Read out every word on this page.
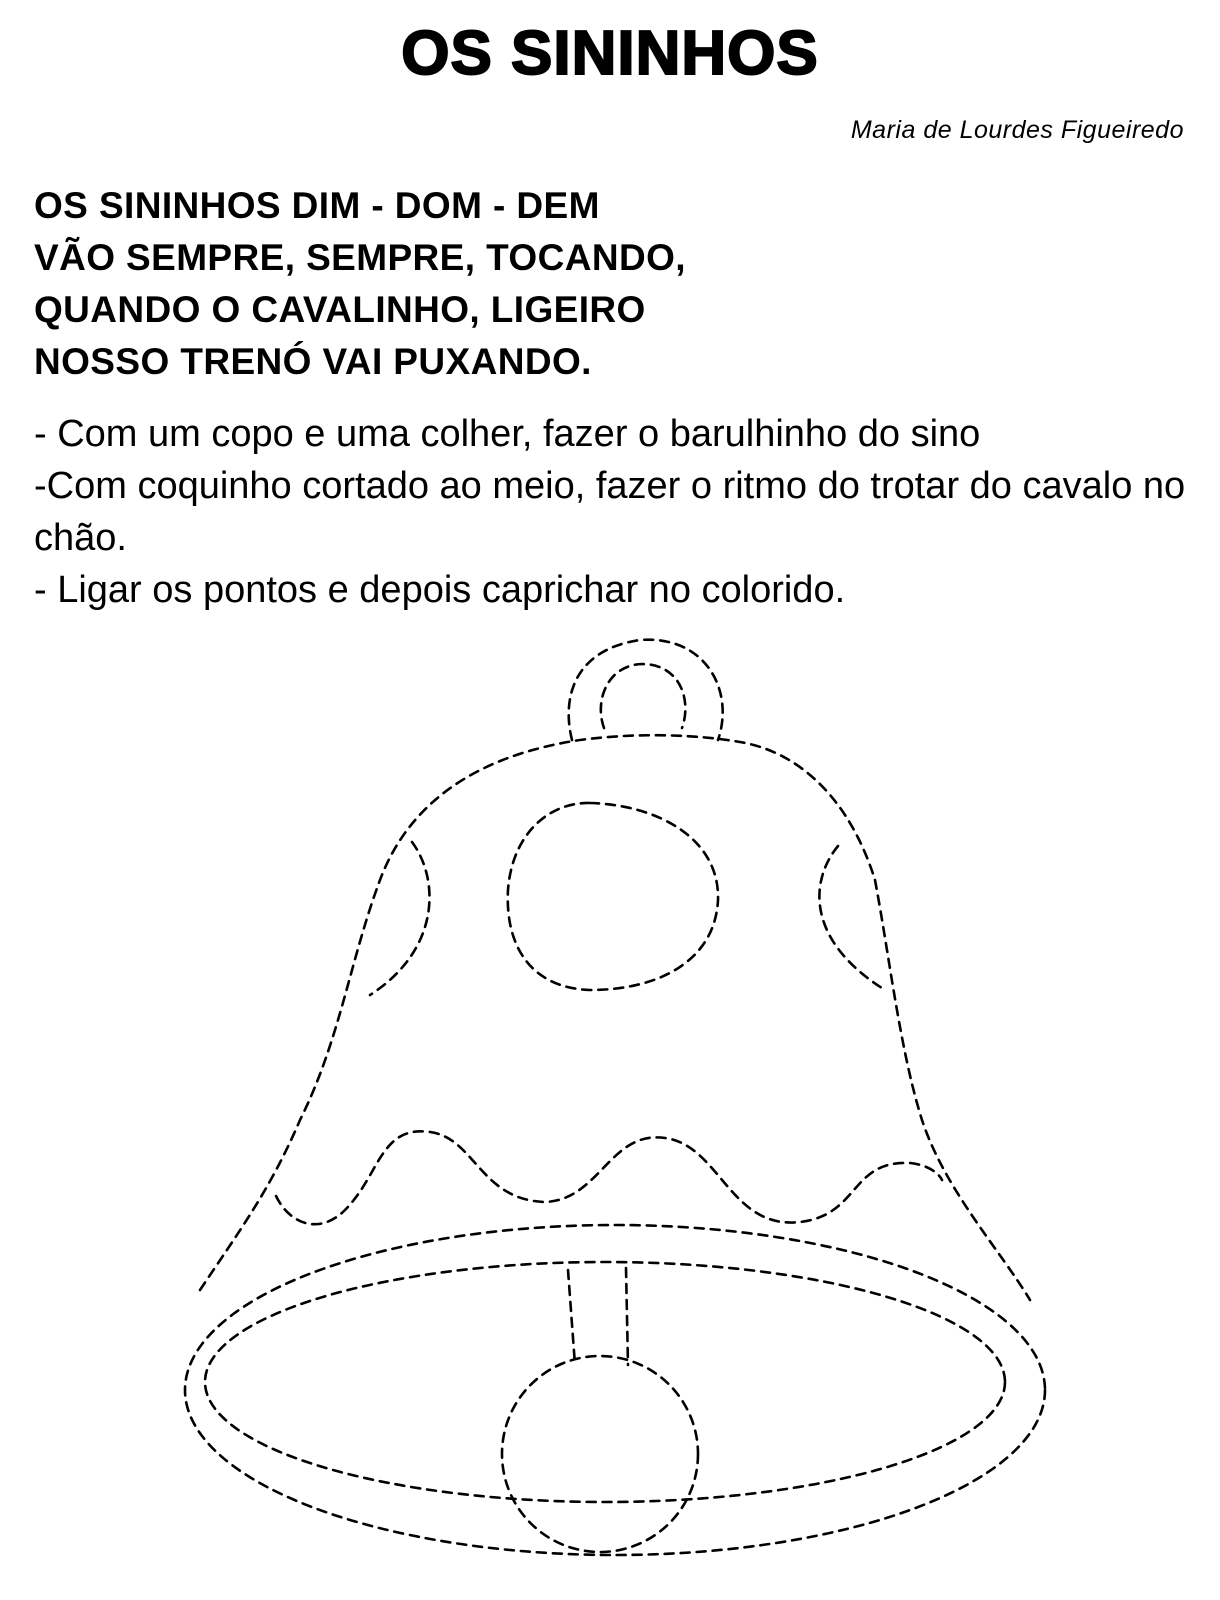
OS SININHOS
Maria de Lourdes Figueiredo
OS SININHOS DIM - DOM - DEM
VÃO SEMPRE, SEMPRE, TOCANDO,
QUANDO O CAVALINHO, LIGEIRO
NOSSO TRENÓ VAI PUXANDO.
- Com um copo e uma colher, fazer o barulhinho do sino
-Com coquinho cortado ao meio, fazer o ritmo do trotar do cavalo no chão.
- Ligar os pontos e depois caprichar no colorido.
